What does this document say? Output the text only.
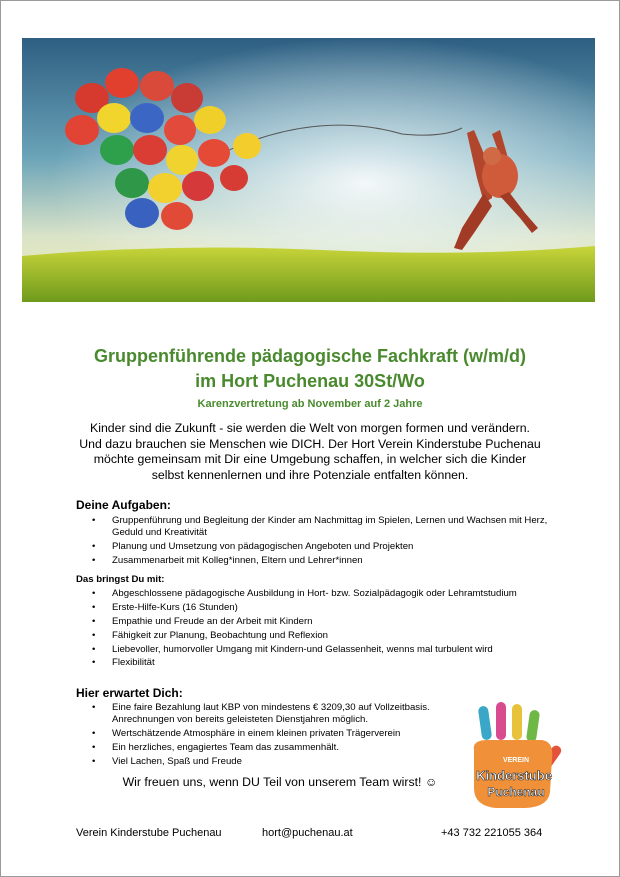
Gruppenführende pädagogische Fachkraft (w/m/d)
im Hort Puchenau 30St/Wo
Karenzvertretung ab November auf 2 Jahre
Kinder sind die Zukunft - sie werden die Welt von morgen formen und verändern.
Und dazu brauchen sie Menschen wie DICH. Der Hort Verein Kinderstube Puchenau
möchte gemeinsam mit Dir eine Umgebung schaffen, in welcher sich die Kinder
selbst kennenlernen und ihre Potenziale entfalten können.
Deine Aufgaben:
• Gruppenführung und Begleitung der Kinder am Nachmittag im Spielen, Lernen und Wachsen mit Herz, Geduld und Kreativität
• Planung und Umsetzung von pädagogischen Angeboten und Projekten
• Zusammenarbeit mit Kolleg*innen, Eltern und Lehrer*innen
Das bringst Du mit:
• Abgeschlossene pädagogische Ausbildung in Hort- bzw. Sozialpädagogik oder Lehramtstudium
• Erste-Hilfe-Kurs (16 Stunden)
• Empathie und Freude an der Arbeit mit Kindern
• Fähigkeit zur Planung, Beobachtung und Reflexion
• Liebevoller, humorvoller Umgang mit Kindern-und Gelassenheit, wenns mal turbulent wird
• Flexibilität
Hier erwartet Dich:
• Eine faire Bezahlung laut KBP von mindestens € 3209,30 auf Vollzeitbasis. Anrechnungen von bereits geleisteten Dienstjahren möglich.
• Wertschätzende Atmosphäre in einem kleinen privaten Trägerverein
• Ein herzliches, engagiertes Team das zusammenhält.
• Viel Lachen, Spaß und Freude	VEREIN
Kinderstube
Puchenau
Wir freuen uns, wenn DU Teil von unserem Team wirst! ☺
Verein Kinderstube Puchenau	hort@puchenau.at	+43 732 221055 364
